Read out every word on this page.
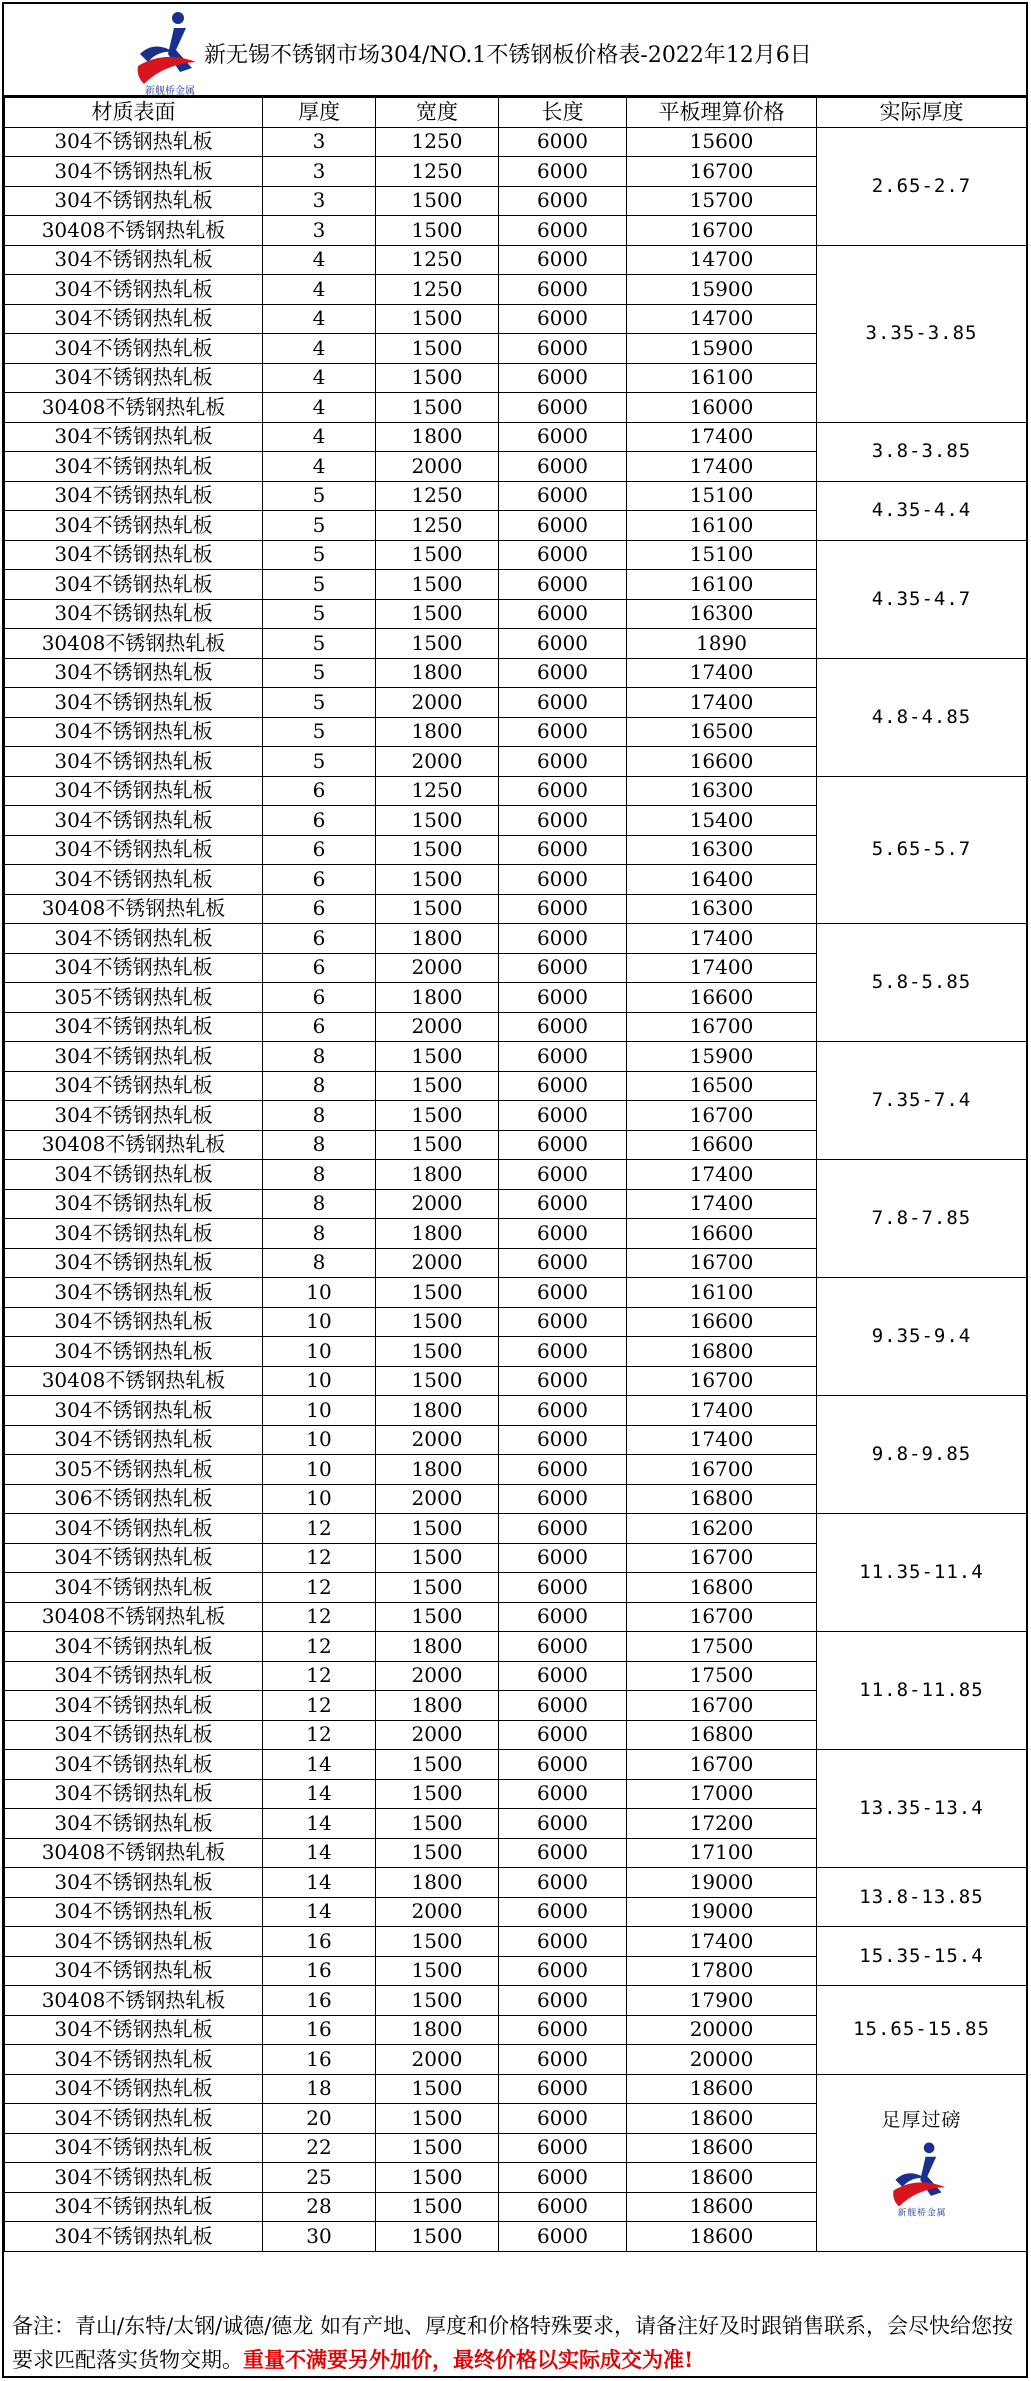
新舰桥金属
新无锡不锈钢市场304/NO.1不锈钢板价格表-2022年12月6日
材质表面	厚度	宽度	长度	平板理算价格	实际厚度
304不锈钢热轧板	3	1250	6000	15600	2.65-2.7

304不锈钢热轧板	3	1250	6000	16700	
304不锈钢热轧板	3	1500	6000	15700	
30408不锈钢热轧板	3	1500	6000	16700	
304不锈钢热轧板	4	1250	6000	14700	3.35-3.85

304不锈钢热轧板	4	1250	6000	15900	
304不锈钢热轧板	4	1500	6000	14700	
304不锈钢热轧板	4	1500	6000	15900	
304不锈钢热轧板	4	1500	6000	16100	
30408不锈钢热轧板	4	1500	6000	16000	
304不锈钢热轧板	4	1800	6000	17400	3.8-3.85

304不锈钢热轧板	4	2000	6000	17400	
304不锈钢热轧板	5	1250	6000	15100	4.35-4.4

304不锈钢热轧板	5	1250	6000	16100	
304不锈钢热轧板	5	1500	6000	15100	4.35-4.7

304不锈钢热轧板	5	1500	6000	16100	
304不锈钢热轧板	5	1500	6000	16300	
30408不锈钢热轧板	5	1500	6000	1890	
304不锈钢热轧板	5	1800	6000	17400	4.8-4.85

304不锈钢热轧板	5	2000	6000	17400	
304不锈钢热轧板	5	1800	6000	16500	
304不锈钢热轧板	5	2000	6000	16600	
304不锈钢热轧板	6	1250	6000	16300	5.65-5.7

304不锈钢热轧板	6	1500	6000	15400	
304不锈钢热轧板	6	1500	6000	16300	
304不锈钢热轧板	6	1500	6000	16400	
30408不锈钢热轧板	6	1500	6000	16300	
304不锈钢热轧板	6	1800	6000	17400	5.8-5.85

304不锈钢热轧板	6	2000	6000	17400	
305不锈钢热轧板	6	1800	6000	16600	
304不锈钢热轧板	6	2000	6000	16700	
304不锈钢热轧板	8	1500	6000	15900	7.35-7.4

304不锈钢热轧板	8	1500	6000	16500	
304不锈钢热轧板	8	1500	6000	16700	
30408不锈钢热轧板	8	1500	6000	16600	
304不锈钢热轧板	8	1800	6000	17400	7.8-7.85

304不锈钢热轧板	8	2000	6000	17400	
304不锈钢热轧板	8	1800	6000	16600	
304不锈钢热轧板	8	2000	6000	16700	
304不锈钢热轧板	10	1500	6000	16100	9.35-9.4

304不锈钢热轧板	10	1500	6000	16600	
304不锈钢热轧板	10	1500	6000	16800	
30408不锈钢热轧板	10	1500	6000	16700	
304不锈钢热轧板	10	1800	6000	17400	9.8-9.85

304不锈钢热轧板	10	2000	6000	17400	
305不锈钢热轧板	10	1800	6000	16700	
306不锈钢热轧板	10	2000	6000	16800	
304不锈钢热轧板	12	1500	6000	16200	11.35-11.4

304不锈钢热轧板	12	1500	6000	16700	
304不锈钢热轧板	12	1500	6000	16800	
30408不锈钢热轧板	12	1500	6000	16700	
304不锈钢热轧板	12	1800	6000	17500	11.8-11.85

304不锈钢热轧板	12	2000	6000	17500	
304不锈钢热轧板	12	1800	6000	16700	
304不锈钢热轧板	12	2000	6000	16800	
304不锈钢热轧板	14	1500	6000	16700	13.35-13.4

304不锈钢热轧板	14	1500	6000	17000	
304不锈钢热轧板	14	1500	6000	17200	
30408不锈钢热轧板	14	1500	6000	17100	
304不锈钢热轧板	14	1800	6000	19000	13.8-13.85

304不锈钢热轧板	14	2000	6000	19000	
304不锈钢热轧板	16	1500	6000	17400	15.35-15.4

304不锈钢热轧板	16	1500	6000	17800	
30408不锈钢热轧板	16	1500	6000	17900	15.65-15.85

304不锈钢热轧板	16	1800	6000	20000	
304不锈钢热轧板	16	2000	6000	20000	
304不锈钢热轧板	18	1500	6000	18600	足厚过磅
新舰桥金属

304不锈钢热轧板	20	1500	6000	18600	
304不锈钢热轧板	22	1500	6000	18600	
304不锈钢热轧板	25	1500	6000	18600	
304不锈钢热轧板	28	1500	6000	18600	
304不锈钢热轧板	30	1500	6000	18600	
备注：青山/东特/太钢/诚德/德龙 如有产地、厚度和价格特殊要求，请备注好及时跟销售联系，会尽快给您按要求匹配落实货物交期。重量不满要另外加价，最终价格以实际成交为准!
